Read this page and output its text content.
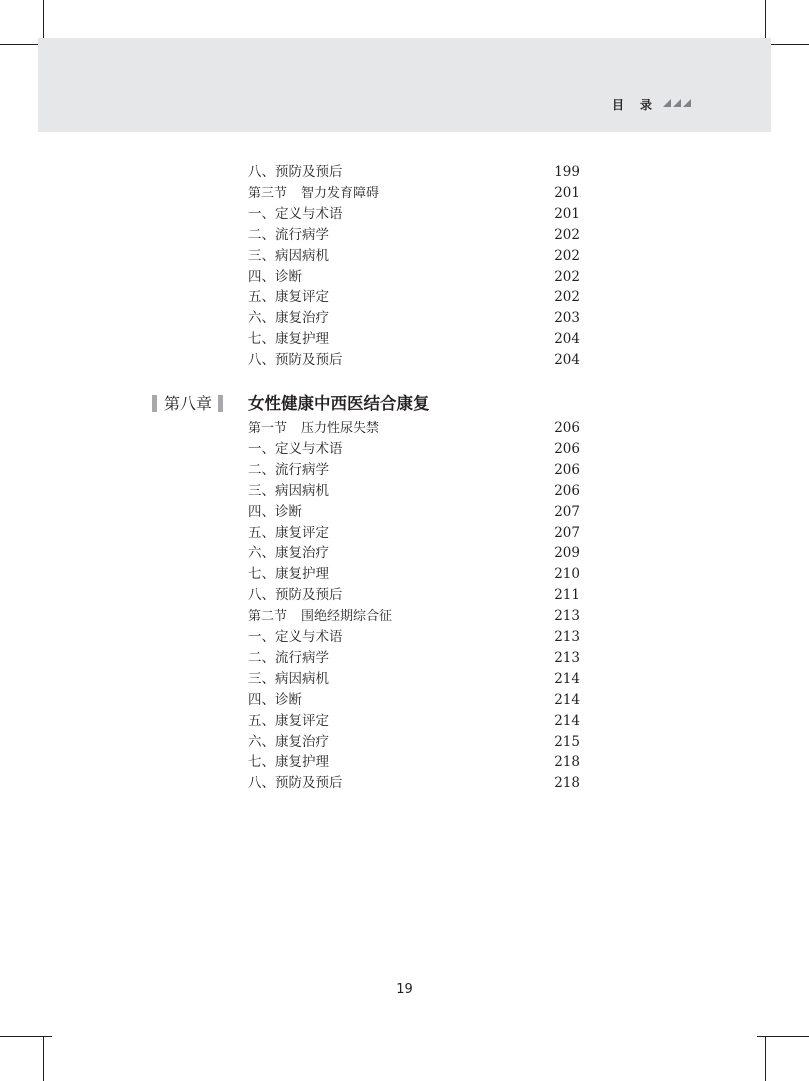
目 录
八、预防及预后	199
第三节 智力发育障碍	201
一、定义与术语	201
二、流行病学	202
三、病因病机	202
四、诊断	202
五、康复评定	202
六、康复治疗	203
七、康复护理	204
八、预防及预后	204
第八章 女性健康中西医结合康复
第一节 压力性尿失禁	206
一、定义与术语	206
二、流行病学	206
三、病因病机	206
四、诊断	207
五、康复评定	207
六、康复治疗	209
七、康复护理	210
八、预防及预后	211
第二节 围绝经期综合征	213
一、定义与术语	213
二、流行病学	213
三、病因病机	214
四、诊断	214
五、康复评定	214
六、康复治疗	215
七、康复护理	218
八、预防及预后	218
19
